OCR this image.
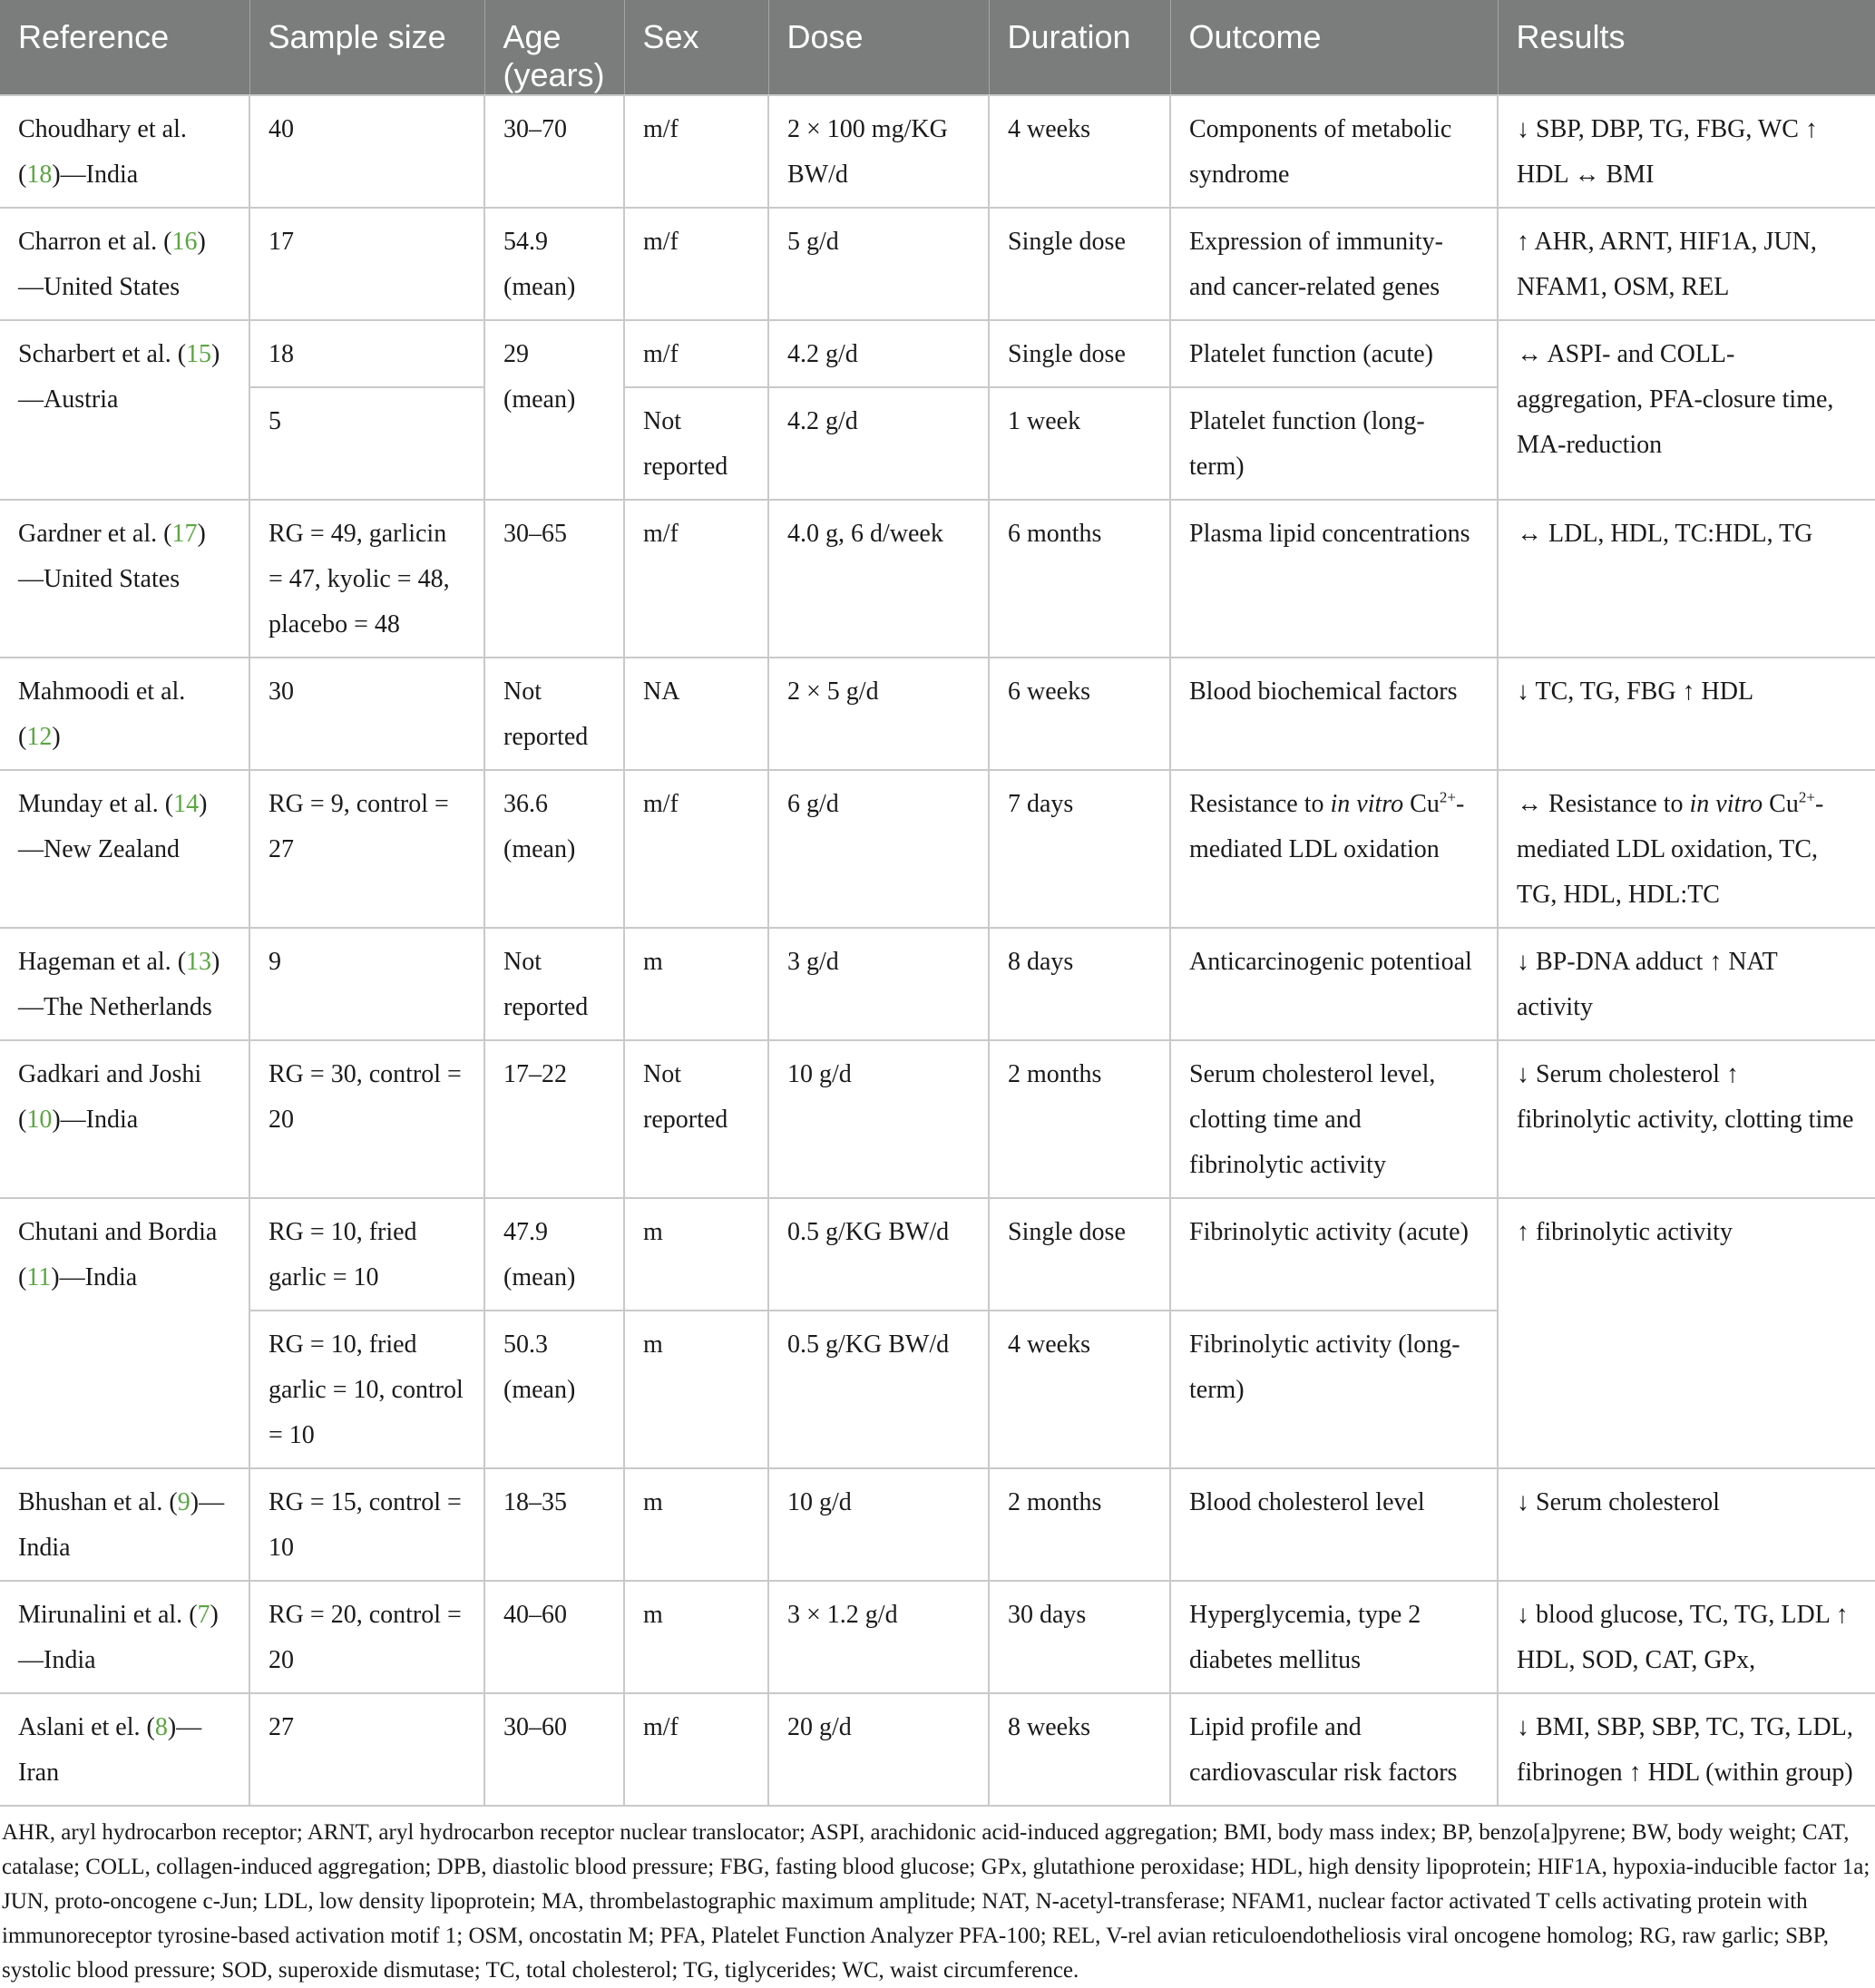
Reference	Sample size	Age (years)	Sex	Dose	Duration	Outcome	Results
Choudhary et al. (18)—India	40	30–70	m/f	2 × 100 mg/KG BW/d	4 weeks	Components of metabolic syndrome	↓ SBP, DBP, TG, FBG, WC ↑ HDL ↔ BMI
Charron et al. (16)—United States	17	54.9 (mean)	m/f	5 g/d	Single dose	Expression of immunity- and cancer-related genes	↑ AHR, ARNT, HIF1A, JUN, NFAM1, OSM, REL
Scharbert et al. (15)—Austria	18	29 (mean)	m/f	4.2 g/d	Single dose	Platelet function (acute)	↔ ASPI- and COLL-aggregation, PFA-closure time, MA-reduction
	5		Not reported	4.2 g/d	1 week	Platelet function (long-term)	
Gardner et al. (17)—United States	RG = 49, garlicin = 47, kyolic = 48, placebo = 48	30–65	m/f	4.0 g, 6 d/week	6 months	Plasma lipid concentrations	↔ LDL, HDL, TC:HDL, TG
Mahmoodi et al. (12)	30	Not reported	NA	2 × 5 g/d	6 weeks	Blood biochemical factors	↓ TC, TG, FBG ↑ HDL
Munday et al. (14)—New Zealand	RG = 9, control = 27	36.6 (mean)	m/f	6 g/d	7 days	Resistance to in vitro $Cu^{2+}$-mediated LDL oxidation	↔ Resistance to in vitro $Cu^{2+}$-mediated LDL oxidation, TC, TG, HDL, HDL:TC
Hageman et al. (13)—The Netherlands	9	Not reported	m	3 g/d	8 days	Anticarcinogenic potentioal	↓ BP-DNA adduct ↑ NAT activity
Gadkari and Joshi (10)—India	RG = 30, control = 20	17–22	Not reported	10 g/d	2 months	Serum cholesterol level, clotting time and fibrinolytic activity	↓ Serum cholesterol ↑ fibrinolytic activity, clotting time
Chutani and Bordia (11)—India	RG = 10, fried garlic = 10	47.9 (mean)	m	0.5 g/KG BW/d	Single dose	Fibrinolytic activity (acute)	↑ fibrinolytic activity
	RG = 10, fried garlic = 10, control = 10	50.3 (mean)	m	0.5 g/KG BW/d	4 weeks	Fibrinolytic activity (long-term)	
Bhushan et al. (9)—India	RG = 15, control = 10	18–35	m	10 g/d	2 months	Blood cholesterol level	↓ Serum cholesterol
Mirunalini et al. (7)—India	RG = 20, control = 20	40–60	m	3 × 1.2 g/d	30 days	Hyperglycemia, type 2 diabetes mellitus	↓ blood glucose, TC, TG, LDL ↑ HDL, SOD, CAT, GPx,
Aslani et el. (8)—Iran	27	30–60	m/f	20 g/d	8 weeks	Lipid profile and cardiovascular risk factors	↓ BMI, SBP, SBP, TC, TG, LDL, fibrinogen ↑ HDL (within group)
AHR, aryl hydrocarbon receptor; ARNT, aryl hydrocarbon receptor nuclear translocator; ASPI, arachidonic acid-induced aggregation; BMI, body mass index; BP, benzo[a]pyrene; BW, body weight; CAT, catalase; COLL, collagen-induced aggregation; DPB, diastolic blood pressure; FBG, fasting blood glucose; GPx, glutathione peroxidase; HDL, high density lipoprotein; HIF1A, hypoxia-inducible factor 1a; JUN, proto-oncogene c-Jun; LDL, low density lipoprotein; MA, thrombelastographic maximum amplitude; NAT, N-acetyl-transferase; NFAM1, nuclear factor activated T cells activating protein with immunoreceptor tyrosine-based activation motif 1; OSM, oncostatin M; PFA, Platelet Function Analyzer PFA-100; REL, V-rel avian reticuloendotheliosis viral oncogene homolog; RG, raw garlic; SBP, systolic blood pressure; SOD, superoxide dismutase; TC, total cholesterol; TG, tiglycerides; WC, waist circumference.
